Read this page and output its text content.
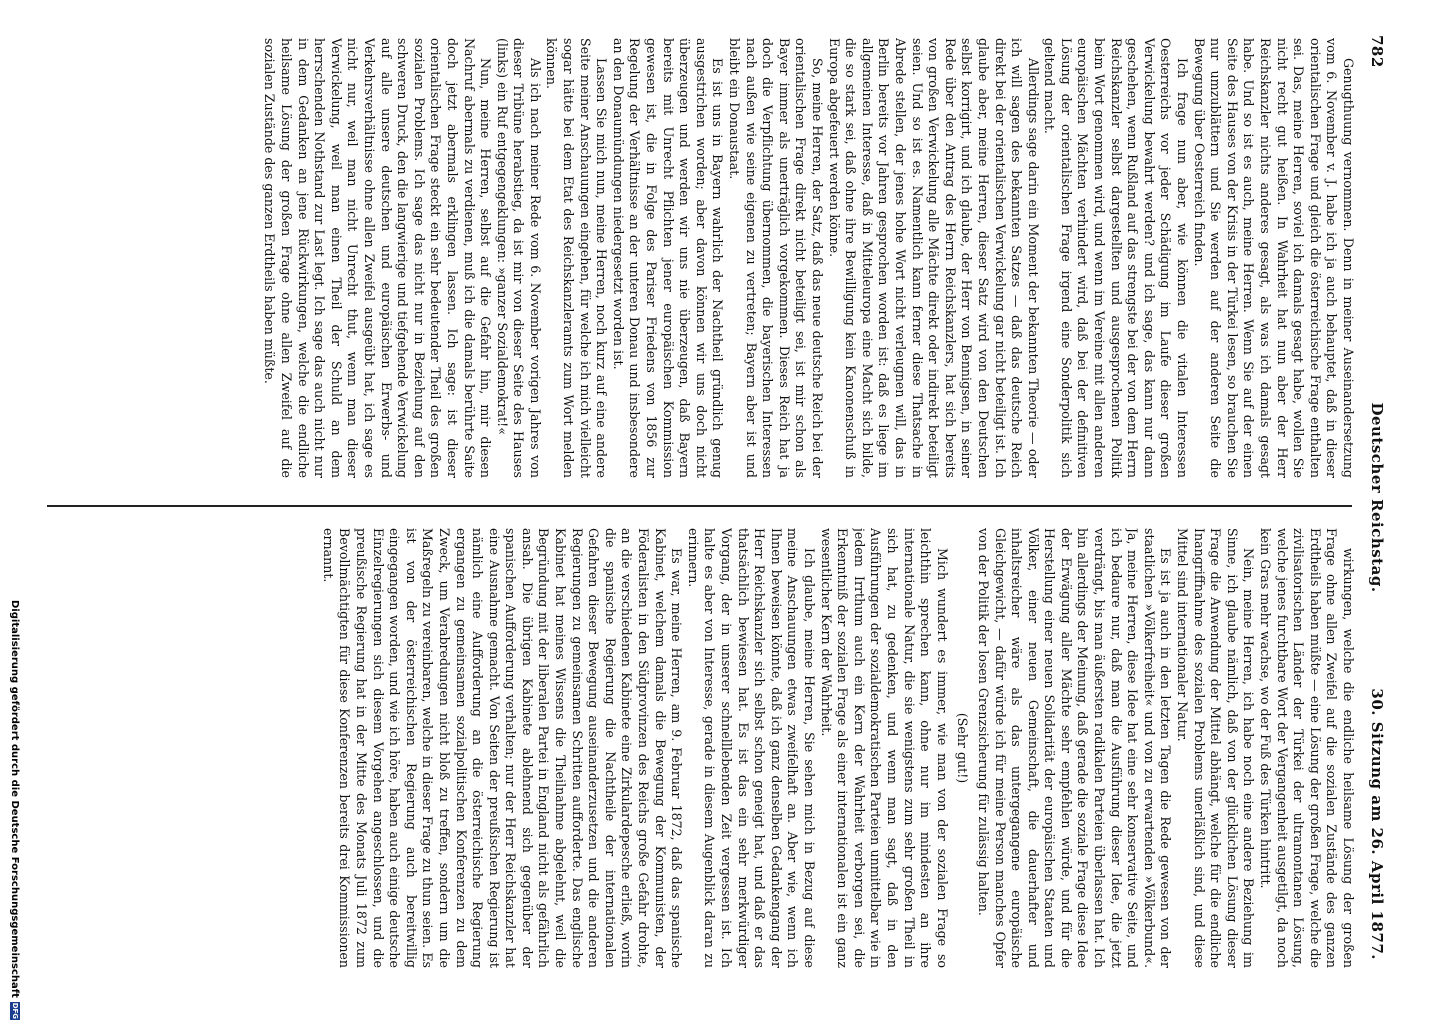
782
Deutscher Reichstag.
30. Sitzung am 26. April 1877.

Genugthuung vernommen. Denn in meiner Auseinandersetzung vom 6. November v. J. habe ich ja auch behauptet, daß in dieser orientalischen Frage und gleich die österreichische Frage enthalten sei. Das, meine Herren, soviel ich damals gesagt habe, wollen Sie nicht recht gut heißen. In Wahrheit hat nun aber der Herr Reichskanzler nichts anderes gesagt, als was ich damals gesagt habe. Und so ist es auch, meine Herren. Wenn Sie auf der einen Seite des Hauses von der Krisis in der Türkei lesen, so brauchen Sie nur umzublättern und Sie werden auf der anderen Seite die Bewegung über Oesterreich finden.

Ich frage nun aber, wie können die vitalen Interessen Oesterreichs vor jeder Schädigung im Laufe dieser großen Verwickelung bewahrt werden? und ich sage, das kann nur dann geschehen, wenn Rußland auf das strengste bei der von dem Herrn Reichskanzler selbst dargestellten und ausgesprochenen Politik beim Wort genommen wird, und wenn im Vereine mit allen anderen europäischen Mächten verhindert wird, daß bei der definitiven Lösung der orientalischen Frage irgend eine Sonderpolitik sich geltend macht.

Allerdings sage darin ein Moment der bekannten Theorie — oder ich will sagen des bekannten Satzes — daß das deutsche Reich direkt bei der orientalischen Verwickelung gar nicht beteiligt ist. Ich glaube aber, meine Herren, dieser Satz wird von den Deutschen selbst korrigirt, und ich glaube, der Herr von Bennigsen, in seiner Rede über den Antrag des Herrn Reichskanzlers, hat sich bereits von großen Verwickelung alle Mächte direkt oder indirekt beteiligt seien. Und so ist es. Namentlich kann ferner diese Thatsache in Abrede stellen, der jenes hohe Wort nicht verleugnen will, das in Berlin bereits vor Jahren gesprochen worden ist: daß es liege im allgemeinen Interesse, daß in Mitteleuropa eine Macht sich bilde, die so stark sei, daß ohne ihre Bewilligung kein Kanonenschuß in Europa abgefeuert werden könne.

So, meine Herren, der Satz, daß das neue deutsche Reich bei der orientalischen Frage direkt nicht beteiligt sei, ist mir schon als Bayer immer als unerträglich vorgekommen. Dieses Reich hat ja doch die Verpflichtung übernommen, die bayerischen Interessen nach außen wie seine eigenen zu vertreten; Bayern aber ist und bleibt ein Donaustaat.

Es ist uns in Bayern wahrlich der Nachtheil gründlich genug ausgestrichen worden; aber davon können wir uns doch nicht überzeugen und werden wir uns nie überzeugen, daß Bayern bereits mit Unrecht Pflichten jener europäischen Kommission gewesen ist, die in Folge des Pariser Friedens von 1856 zur Regelung der Verhältnisse an der unteren Donau und insbesondere an den Donaumündungen niedergesetzt worden ist.

Lassen Sie mich nun, meine Herren, noch kurz auf eine andere Seite meiner Anschauungen eingehen, für welche ich mich vielleicht sogar hätte bei dem Etat des Reichskanzleramts zum Wort melden können.

Als ich nach meiner Rede vom 6. November vorigen Jahres von dieser Tribüne herabstieg, da ist mir von dieser Seite des Hauses (links) ein Ruf entgegengeklungen: »ganzer Sozialdemokrat!«

Nun, meine Herren, selbst auf die Gefahr hin, mir diesen Nachruf abermals zu verdienen, muß ich die damals berührte Saite doch jetzt abermals erklingen lassen. Ich sage: ist dieser orientalischen Frage steckt ein sehr bedeutender Theil des großen sozialen Problems. Ich sage das nicht nur in Beziehung auf den schweren Druck, den die langwierige und tiefgehende Verwickelung auf alle unsere deutschen und europäischen Erwerbs- und Verkehrsverhältnisse ohne allen Zweifel ausgeübt hat, ich sage es nicht nur, weil man nicht Unrecht thut, wenn man dieser Verwickelung, weil man einen Theil der Schuld an dem herrschenden Nothstand zur Last legt. Ich sage das auch nicht nur in dem Gedanken an jene Rückwirkungen, welche die endliche heilsame Lösung der großen Frage ohne allen Zweifel auf die sozialen Zustände des ganzen Erdtheils haben müßte.

wirkungen, welche die endliche heilsame Lösung der großen Frage ohne allen Zweifel auf die sozialen Zustände des ganzen Erdtheils haben müßte — eine Lösung der großen Frage, welche die zivilisatorischen Länder der Türkei der ultramontanen Lösung, welche jenes furchtbare Wort der Vergangenheit ausgetilgt, da noch kein Gras mehr wachse, wo der Fuß des Türken hintritt.

Nein, meine Herren, ich habe noch eine andere Beziehung im Sinne, ich glaube nämlich, daß von der glücklichen Lösung dieser Frage die Anwendung der Mittel abhängt, welche für die endliche Inangriffnahme des sozialen Problems unerläßlich sind, und diese Mittel sind internationaler Natur.

Es ist ja auch in den letzten Tagen die Rede gewesen von der staatlichen »Völkerfreiheit« und von zu erwartenden »Völkerbund«. Ja, meine Herren, diese Idee hat eine sehr konservative Seite, und ich bedaure nur, daß man die Ausführung dieser Idee, die jetzt verdrängt, bis man äußersten radikalen Parteien überlassen hat. Ich bin allerdings der Meinung, daß gerade die soziale Frage diese Idee der Erwägung aller Mächte sehr empfehlen würde, und für die Herstellung einer neuen Solidarität der europäischen Staaten und Völker, einer neuen Gemeinschaft, die dauerhafter und inhaltsreicher wäre als das untergegangene europäische Gleichgewicht, — dafür würde ich für meine Person manches Opfer von der Politik der losen Grenzsicherung für zulässig halten.

(Sehr gut!)

Mich wundert es immer, wie man von der sozialen Frage so leichthin sprechen kann, ohne nur im mindesten an ihre internationale Natur, die sie wenigstens zum sehr großen Theil in sich hat, zu gedenken, und wenn man sagt, daß in den Ausführungen der sozialdemokratischen Parteien unmittelbar wie in jedem Irrthum auch ein Kern der Wahrheit verborgen sei, die Erkenntniß der sozialen Frage als einer internationalen ist ein ganz wesentlicher Kern der Wahrheit.

Ich glaube, meine Herren, Sie sehen mich in Bezug auf diese meine Anschauungen etwas zweifelhaft an. Aber wie, wenn ich Ihnen beweisen könnte, daß ich ganz denselben Gedankengang der Herr Reichskanzler sich selbst schon geneigt hat, und daß er das thatsächlich bewiesen hat. Es ist das ein sehr merkwürdiger Vorgang, der in unserer schnelllebenden Zeit vergessen ist. Ich halte es aber von Interesse, gerade in diesem Augenblick daran zu erinnern.

Es war, meine Herren, am 9. Februar 1872, daß das spanische Kabinet, welchem damals die Bewegung der Kommunisten, der Föderalisten in den Südprovinzen des Reichs große Gefahr drohte, an die verschiedenen Kabinete eine Zirkulardepesche erließ, worin die spanische Regierung die Nachtheile der internationalen Gefahren dieser Bewegung auseinanderzusetzen und die anderen Regierungen zu gemeinsamen Schritten aufforderte. Das englische Kabinet hat meines Wissens die Theilnahme abgelehnt, weil die Begründung mit der liberalen Partei in England nicht als gefährlich ansah. Die übrigen Kabinete ablehnend sich gegenüber der spanischen Aufforderung verhalten; nur der Herr Reichskanzler hat eine Ausnahme gemacht. Von Seiten der preußischen Regierung ist nämlich eine Aufforderung an die österreichische Regierung ergangen zu gemeinsamen sozialpolitischen Konferenzen zu dem Zweck, um Verabredungen nicht bloß zu treffen, sondern um die Maßregeln zu vereinbaren, welche in dieser Frage zu thun seien. Es ist von der österreichischen Regierung auch bereitwillig eingegangen worden, und wie ich höre, haben auch einige deutsche Einzelregierungen sich diesem Vorgehen angeschlossen, und die preußische Regierung hat in der Mitte des Monats Juli 1872 zum Bevollmächtigten für diese Konferenzen bereits drei Kommissionen ernannt.

Digitalisierung gefördert durch die Deutsche ForschungsgemeinschaftDFG
